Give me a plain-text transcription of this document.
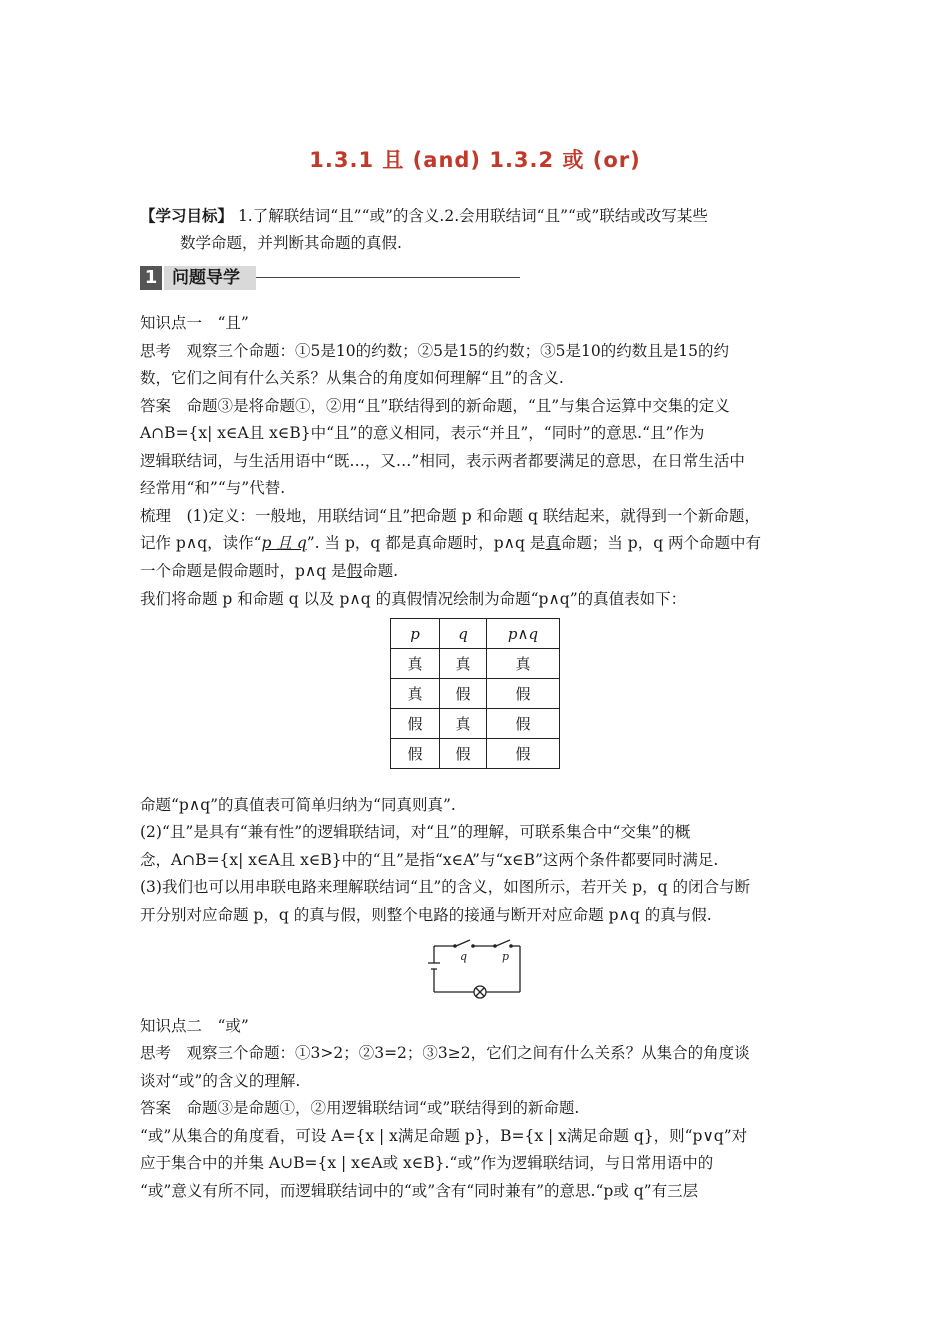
1.3.1 且 (and) 1.3.2 或 (or)
【学习目标】 1.了解联结词“且”“或”的含义.2.会用联结词“且”“或”联结或改写某些
数学命题，并判断其命题的真假.
1 问题导学
知识点一　“且”
思考　观察三个命题：①5是10的约数；②5是15的约数；③5是10的约数且是15的约
数，它们之间有什么关系？从集合的角度如何理解“且”的含义.
答案　命题③是将命题①，②用“且”联结得到的新命题，“且”与集合运算中交集的定义
A∩B={x| x∈A且 x∈B}中“且”的意义相同，表示“并且”，“同时”的意思.“且”作为
逻辑联结词，与生活用语中“既…，又…”相同，表示两者都要满足的意思，在日常生活中
经常用“和”“与”代替.
梳理　(1)定义：一般地，用联结词“且”把命题 p 和命题 q 联结起来，就得到一个新命题，
记作 p∧q，读作“p 且 q”. 当 p，q 都是真命题时，p∧q 是真命题；当 p，q 两个命题中有
一个命题是假命题时，p∧q 是假命题.
我们将命题 p 和命题 q 以及 p∧q 的真假情况绘制为命题“p∧q”的真值表如下：
p	q	p∧q
真	真	真
真	假	假
假	真	假
假	假	假
命题“p∧q”的真值表可简单归纳为“同真则真”.
(2)“且”是具有“兼有性”的逻辑联结词，对“且”的理解，可联系集合中“交集”的概
念，A∩B={x| x∈A且 x∈B}中的“且”是指“x∈A”与“x∈B”这两个条件都要同时满足.
(3)我们也可以用串联电路来理解联结词“且”的含义，如图所示，若开关 p，q 的闭合与断
开分别对应命题 p，q 的真与假，则整个电路的接通与断开对应命题 p∧q 的真与假.
q	p
知识点二　“或”
思考　观察三个命题：①3>2；②3=2；③3≥2，它们之间有什么关系？从集合的角度谈
谈对“或”的含义的理解.
答案　命题③是命题①，②用逻辑联结词“或”联结得到的新命题.
“或”从集合的角度看，可设 A={x | x满足命题 p}，B={x | x满足命题 q}，则“p∨q”对
应于集合中的并集 A∪B={x | x∈A或 x∈B}.“或”作为逻辑联结词，与日常用语中的
“或”意义有所不同，而逻辑联结词中的“或”含有“同时兼有”的意思.“p或 q”有三层
